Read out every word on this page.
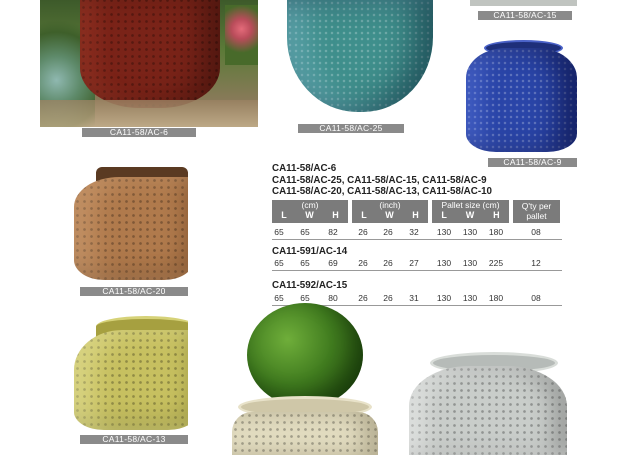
CA11-58/AC-6	CA11-58/AC-25
CA11-58/AC-15
CA11-58/AC-9
CA11-58/AC-20
CA11-58/AC-6
CA11-58/AC-25, CA11-58/AC-15, CA11-58/AC-9
CA11-58/AC-20, CA11-58/AC-13, CA11-58/AC-10
(cm)
L W H
(inch)
L W H
Pallet size (cm)
L W H
Q'ty per pallet
65	65	82	26	26	32	130	130	180	08
CA11-591/AC-14
65	65	69	26	26	27	130	130	225	12
CA11-592/AC-15
65	65	80	26	26	31	130	130	180	08
CA11-58/AC-13
